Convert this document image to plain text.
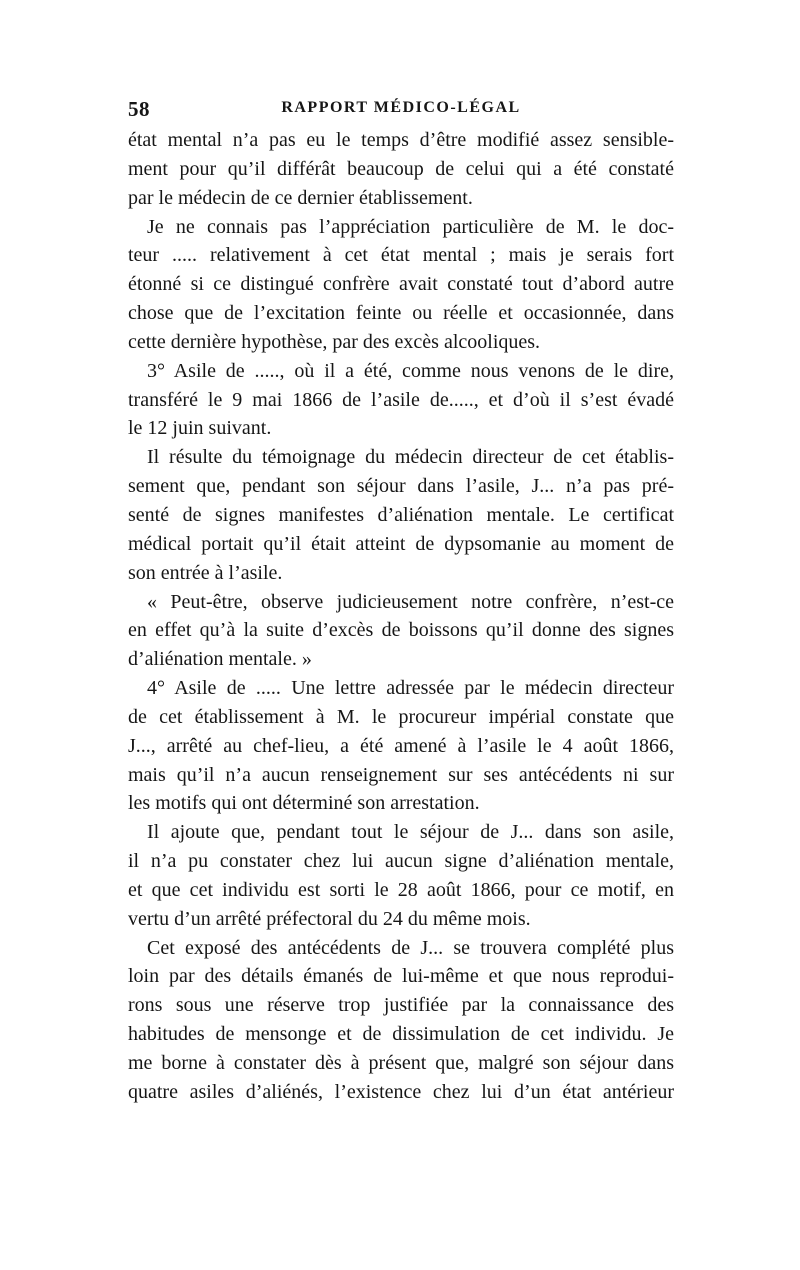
58	RAPPORT MÉDICO-LÉGAL
état mental n’a pas eu le temps d’être modifié assez sensible-
ment pour qu’il différât beaucoup de celui qui a été constaté
par le médecin de ce dernier établissement.
Je ne connais pas l’appréciation particulière de M. le doc-
teur ..... relativement à cet état mental ; mais je serais fort
étonné si ce distingué confrère avait constaté tout d’abord autre
chose que de l’excitation feinte ou réelle et occasionnée, dans
cette dernière hypothèse, par des excès alcooliques.
3° Asile de ....., où il a été, comme nous venons de le dire,
transféré le 9 mai 1866 de l’asile de....., et d’où il s’est évadé
le 12 juin suivant.
Il résulte du témoignage du médecin directeur de cet établis-
sement que, pendant son séjour dans l’asile, J... n’a pas pré-
senté de signes manifestes d’aliénation mentale. Le certificat
médical portait qu’il était atteint de dypsomanie au moment de
son entrée à l’asile.
« Peut-être, observe judicieusement notre confrère, n’est-ce
en effet qu’à la suite d’excès de boissons qu’il donne des signes
d’aliénation mentale. »
4° Asile de ..... Une lettre adressée par le médecin directeur
de cet établissement à M. le procureur impérial constate que
J..., arrêté au chef-lieu, a été amené à l’asile le 4 août 1866,
mais qu’il n’a aucun renseignement sur ses antécédents ni sur
les motifs qui ont déterminé son arrestation.
Il ajoute que, pendant tout le séjour de J... dans son asile,
il n’a pu constater chez lui aucun signe d’aliénation mentale,
et que cet individu est sorti le 28 août 1866, pour ce motif, en
vertu d’un arrêté préfectoral du 24 du même mois.
Cet exposé des antécédents de J... se trouvera complété plus
loin par des détails émanés de lui-même et que nous reprodui-
rons sous une réserve trop justifiée par la connaissance des
habitudes de mensonge et de dissimulation de cet individu. Je
me borne à constater dès à présent que, malgré son séjour dans
quatre asiles d’aliénés, l’existence chez lui d’un état antérieur
